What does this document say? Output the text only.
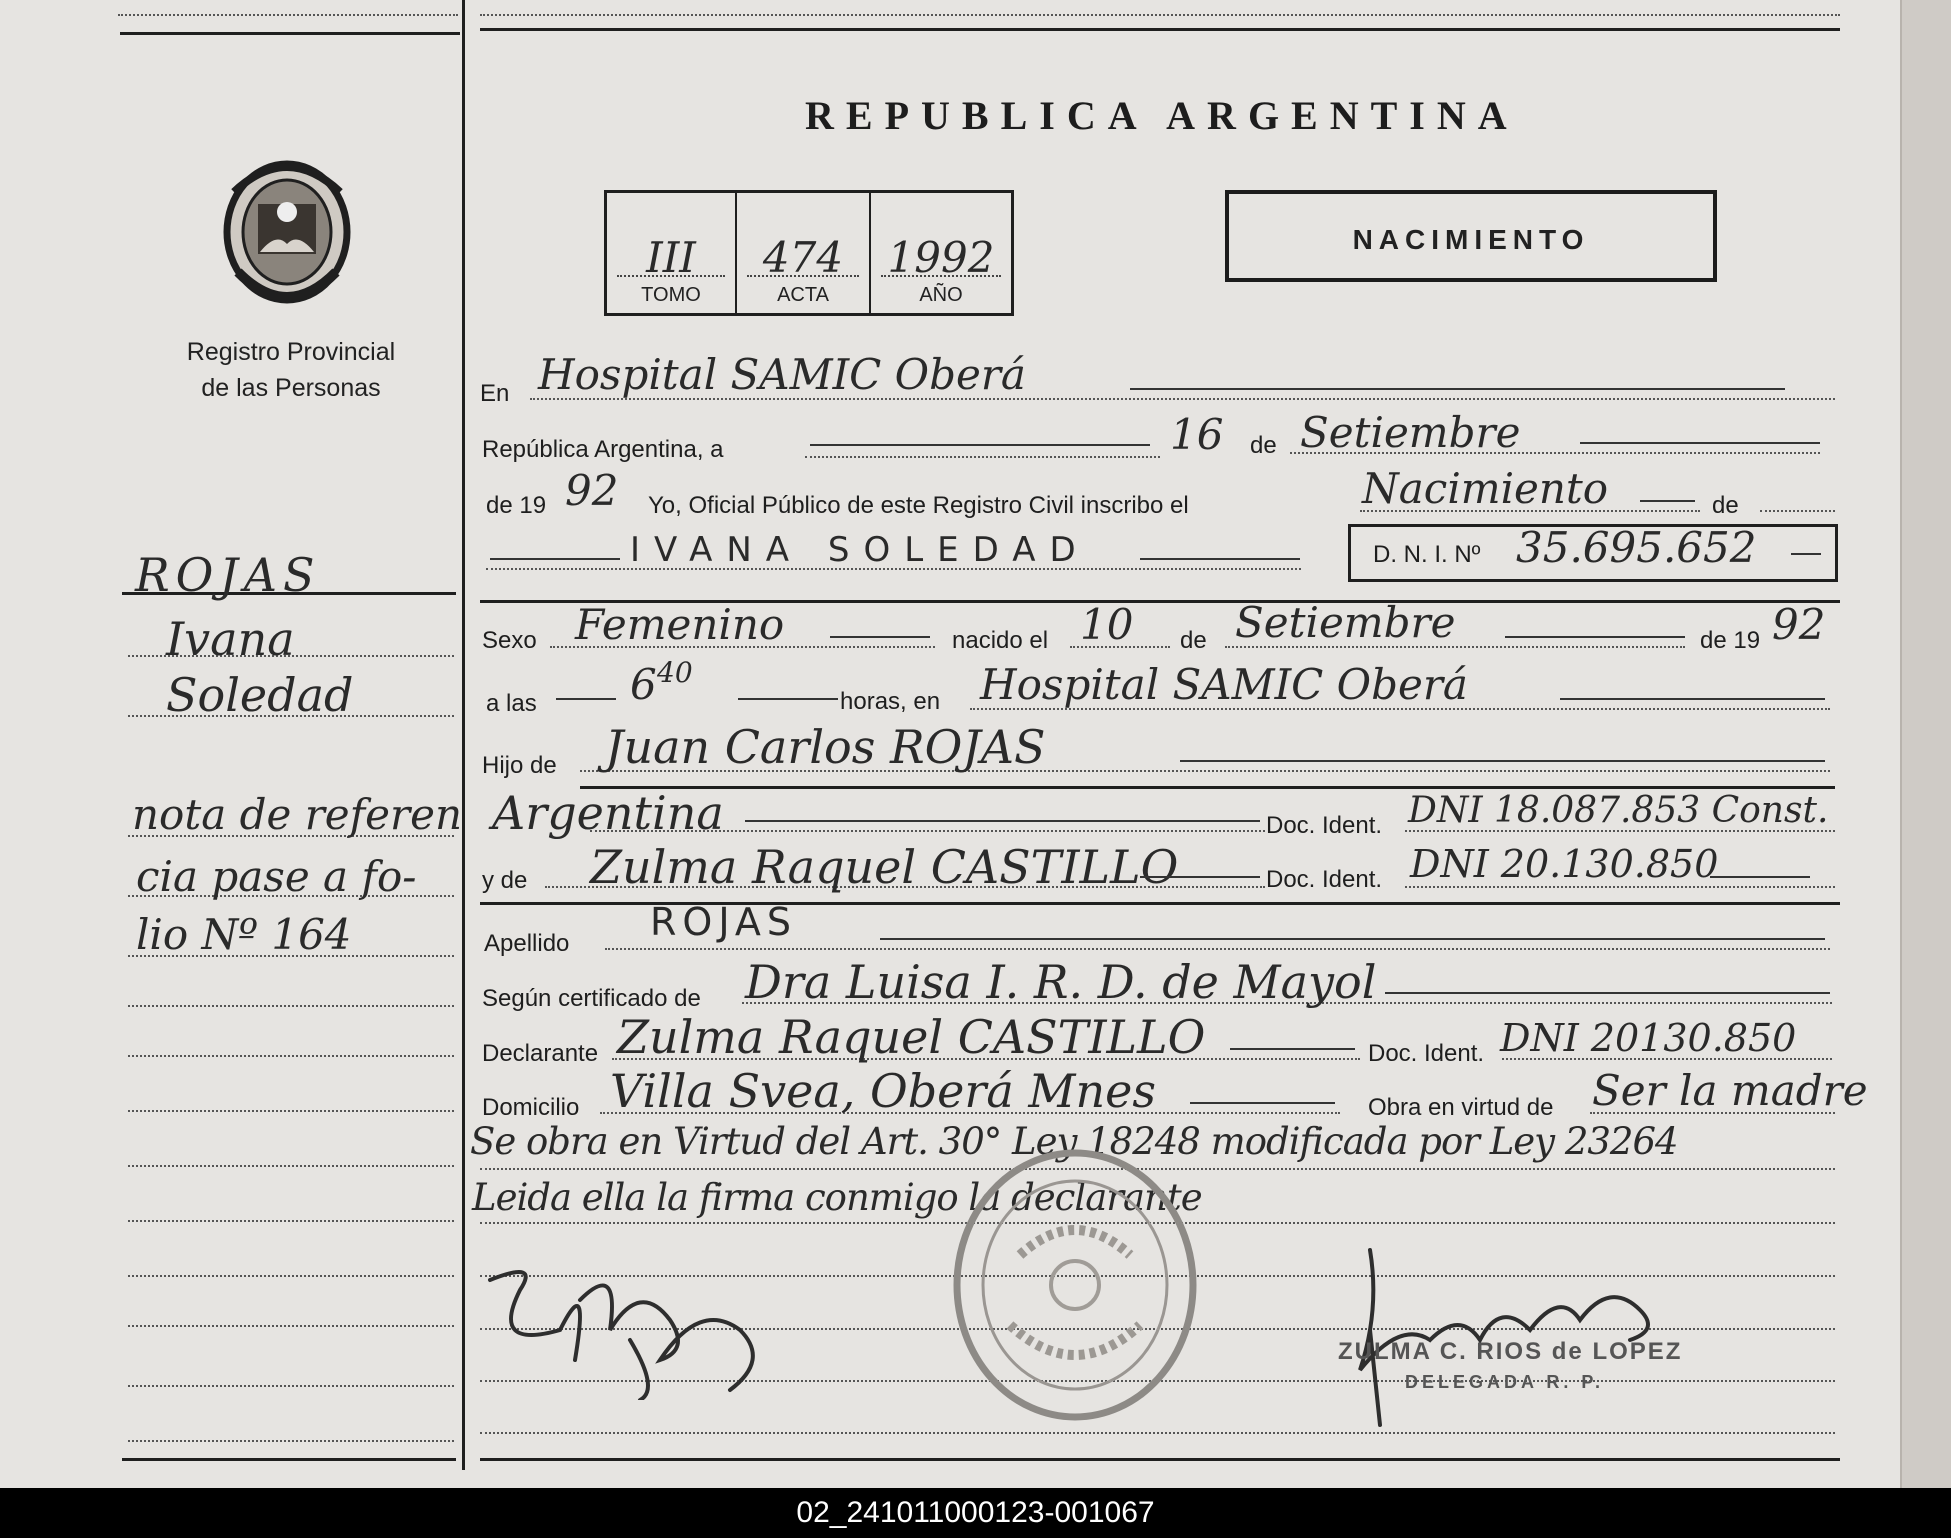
Registro Provincial
de las Personas
ROJAS
Ivana
Soledad
nota de referen
cia pase a fo-
lio Nº 164
REPUBLICA ARGENTINA
III
TOMO
474
ACTA
1992
AÑO
NACIMIENTO
En Hospital SAMIC Oberá
República Argentina, a	16 de Setiembre
de 19 92 Yo, Oficial Público de este Registro Civil inscribo el	Nacimiento	de
IVANA SOLEDAD	D. N. I. Nº 35.695.652
Sexo Femenino	nacido el 10 de Setiembre	de 19 92
a las 6 40
horas, en Hospital SAMIC Oberá
Hijo de Juan Carlos ROJAS
Argentina	Doc. Ident. DNI 18.087.853 Const.
y de Zulma Raquel CASTILLO	Doc. Ident. DNI 20.130.850
Apellido ROJAS
Según certificado de Dra Luisa I. R. D. de Mayol
Declarante Zulma Raquel CASTILLO	Doc. Ident. DNI 20130.850
Domicilio Villa Svea, Oberá Mnes	Obra en virtud de Ser la madre
Se obra en Virtud del Art. 30° Ley 18248 modificada por Ley 23264
Leida ella la firma conmigo la declarante
ZULMA C. RIOS de LOPEZ
DELEGADA R. P.
02_241011000123-001067
